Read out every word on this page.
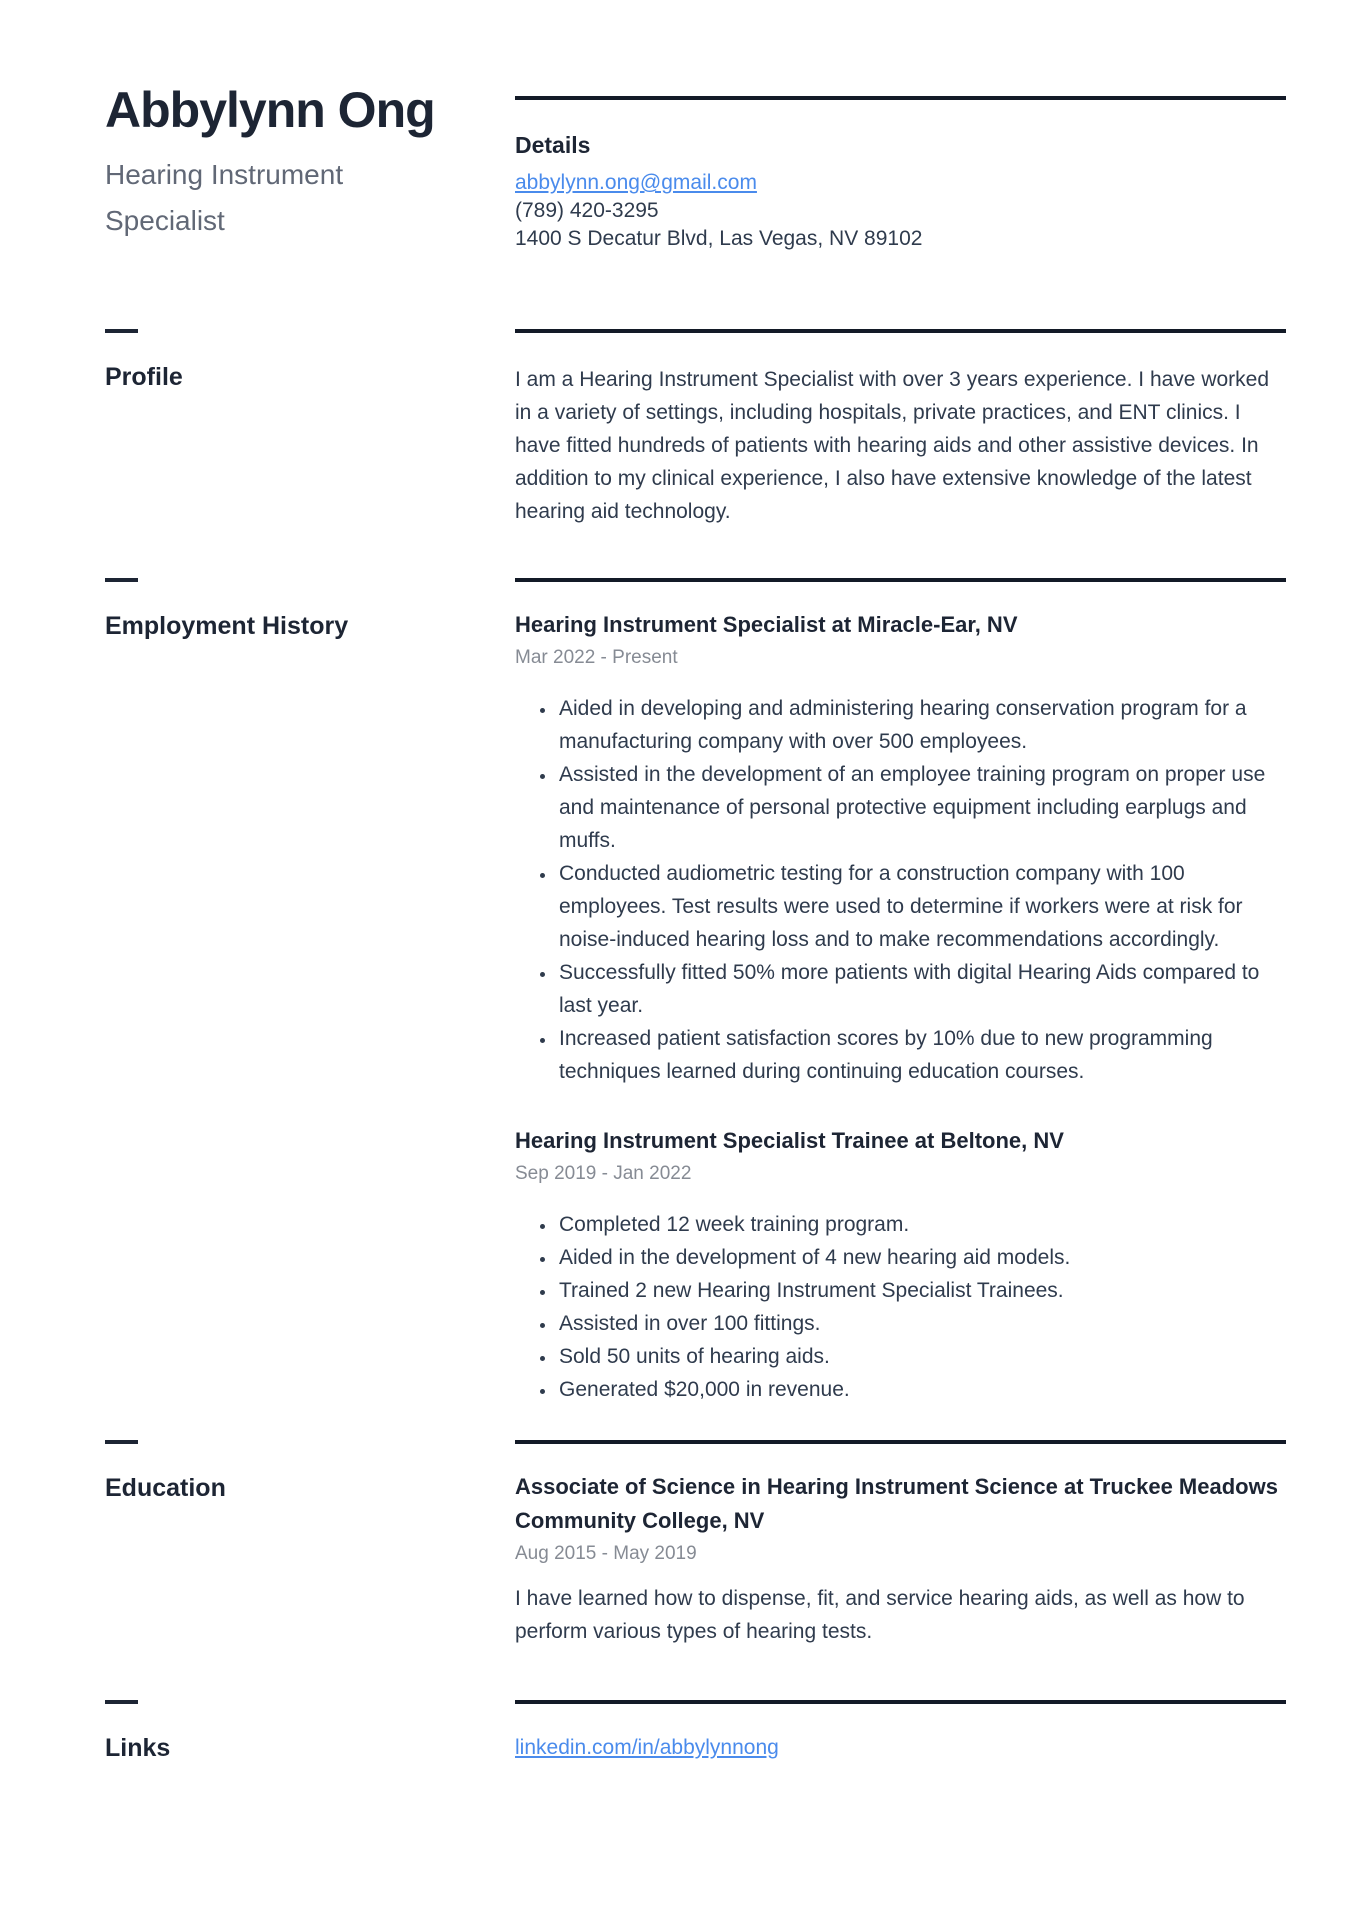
Abbylynn Ong

Hearing Instrument Specialist

Details
abbylynn.ong@gmail.com
(789) 420-3295
1400 S Decatur Blvd, Las Vegas, NV 89102
Profile	I am a Hearing Instrument Specialist with over 3 years experience. I have worked in a variety of settings, including hospitals, private practices, and ENT clinics. I have fitted hundreds of patients with hearing aids and other assistive devices. In addition to my clinical experience, I also have extensive knowledge of the latest hearing aid technology.

Employment History	Hearing Instrument Specialist at Miracle-Ear, NV
Mar 2022 - Present
• Aided in developing and administering hearing conservation program for a manufacturing company with over 500 employees.
• Assisted in the development of an employee training program on proper use and maintenance of personal protective equipment including earplugs and muffs.
• Conducted audiometric testing for a construction company with 100 employees. Test results were used to determine if workers were at risk for noise-induced hearing loss and to make recommendations accordingly.
• Successfully fitted 50% more patients with digital Hearing Aids compared to last year.
• Increased patient satisfaction scores by 10% due to new programming techniques learned during continuing education courses.
Hearing Instrument Specialist Trainee at Beltone, NV
Sep 2019 - Jan 2022
• Completed 12 week training program.
• Aided in the development of 4 new hearing aid models.
• Trained 2 new Hearing Instrument Specialist Trainees.
• Assisted in over 100 fittings.
• Sold 50 units of hearing aids.
• Generated $20,000 in revenue.
Education	Associate of Science in Hearing Instrument Science at Truckee Meadows Community College, NV
Aug 2015 - May 2019

I have learned how to dispense, fit, and service hearing aids, as well as how to perform various types of hearing tests.

Links	linkedin.com/in/abbylynnong
